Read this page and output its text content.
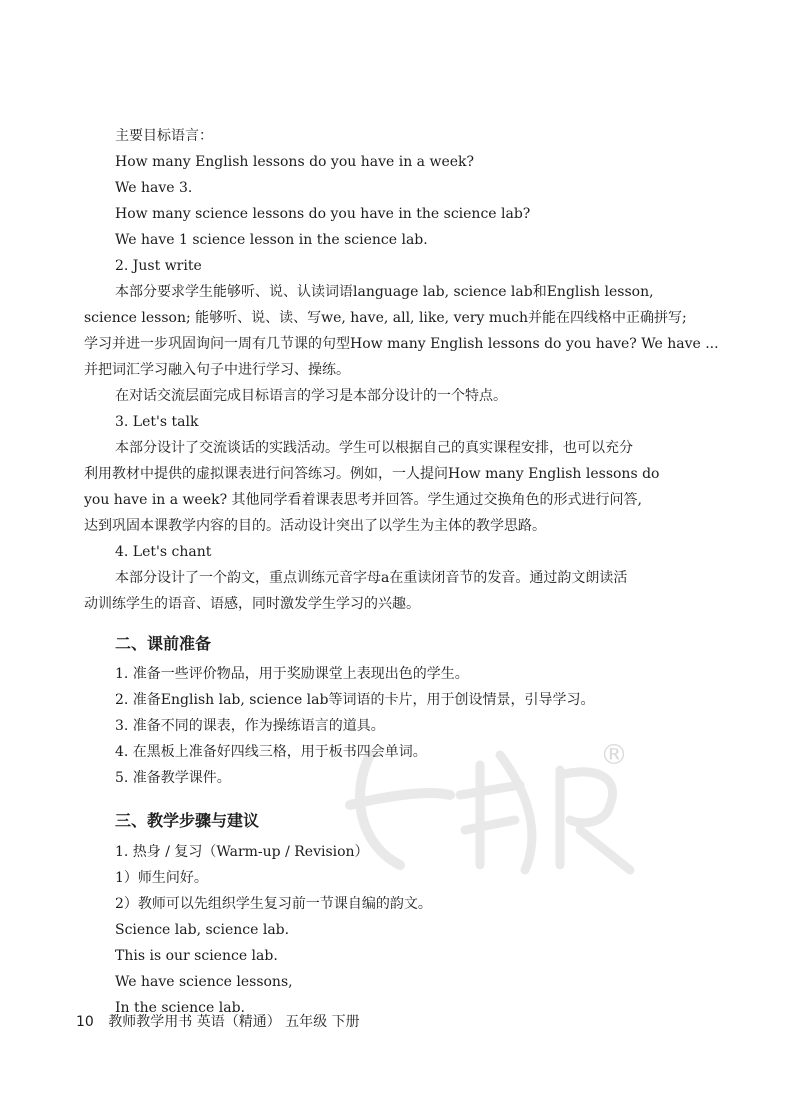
主要目标语言：
How many English lessons do you have in a week?
We have 3.
How many science lessons do you have in the science lab?
We have 1 science lesson in the science lab.
2. Just write
本部分要求学生能够听、说、认读词语language lab, science lab和English lesson,
science lesson; 能够听、说、读、写we, have, all, like, very much并能在四线格中正确拼写;
学习并进一步巩固询问一周有几节课的句型How many English lessons do you have? We have ...
并把词汇学习融入句子中进行学习、操练。
在对话交流层面完成目标语言的学习是本部分设计的一个特点。
3. Let's talk
本部分设计了交流谈话的实践活动。学生可以根据自己的真实课程安排，也可以充分
利用教材中提供的虚拟课表进行问答练习。例如，一人提问How many English lessons do
you have in a week? 其他同学看着课表思考并回答。学生通过交换角色的形式进行问答,
达到巩固本课教学内容的目的。活动设计突出了以学生为主体的教学思路。
4. Let's chant
本部分设计了一个韵文，重点训练元音字母a在重读闭音节的发音。通过韵文朗读活
动训练学生的语音、语感，同时激发学生学习的兴趣。
二、课前准备
1. 准备一些评价物品，用于奖励课堂上表现出色的学生。
2. 准备English lab, science lab等词语的卡片，用于创设情景，引导学习。
3. 准备不同的课表，作为操练语言的道具。
4. 在黑板上准备好四线三格，用于板书四会单词。
5. 准备教学课件。
三、教学步骤与建议
1. 热身 / 复习（Warm-up / Revision）
1）师生问好。
2）教师可以先组织学生复习前一节课自编的韵文。
Science lab, science lab.
This is our science lab.
We have science lessons,
In the science lab.
®
10 教师教学用书 英语（精通） 五年级 下册
